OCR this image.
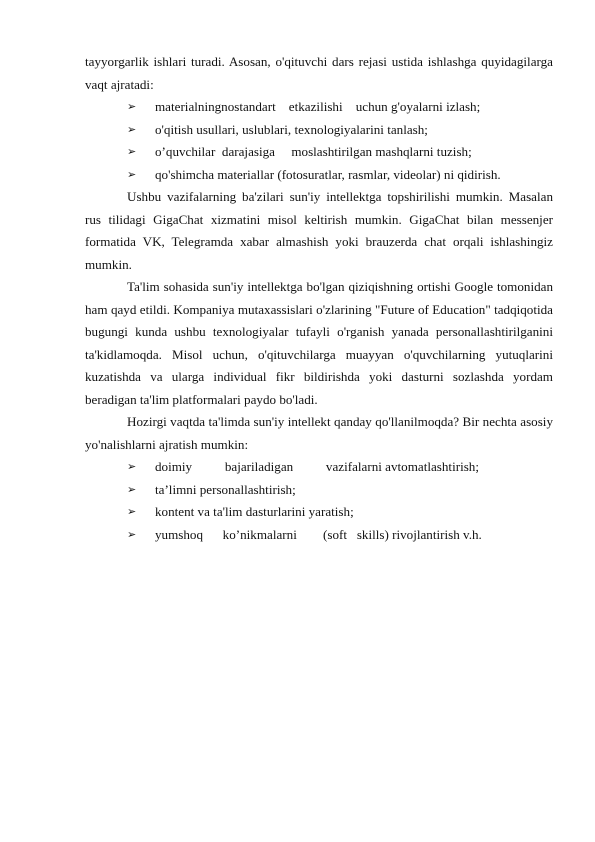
tayyorgarlik ishlari turadi. Asosan, o'qituvchi dars rejasi ustida ishlashga quyidagilarga vaqt ajratadi:

➢	materialningnostandart    etkazilishi    uchun g'oyalarni izlash;
➢	o'qitish usullari, uslublari, texnologiyalarini tanlash;
➢	o’quvchilar  darajasiga     moslashtirilgan mashqlarni tuzish;
➢	qo'shimcha materiallar (fotosuratlar, rasmlar, videolar) ni qidirish.

Ushbu vazifalarning ba'zilari sun'iy intellektga topshirilishi mumkin. Masalan rus tilidagi GigaChat xizmatini misol keltirish mumkin. GigaChat bilan messenjer formatida VK, Telegramda xabar almashish yoki brauzerda chat orqali ishlashingiz mumkin.

Ta'lim sohasida sun'iy intellektga bo'lgan qiziqishning ortishi Google tomonidan ham qayd etildi. Kompaniya mutaxassislari o'zlarining "Future of Education" tadqiqotida bugungi kunda ushbu texnologiyalar tufayli o'rganish yanada personallashtirilganini ta'kidlamoqda. Misol uchun, o'qituvchilarga muayyan o'quvchilarning yutuqlarini kuzatishda va ularga individual fikr bildirishda yoki dasturni sozlashda yordam beradigan ta'lim platformalari paydo bo'ladi.

Hozirgi vaqtda ta'limda sun'iy intellekt qanday qo'llanilmoqda? Bir nechta asosiy yo'nalishlarni ajratish mumkin:

➢	doimiy          bajariladigan          vazifalarni avtomatlashtirish;
➢	ta’limni personallashtirish;
➢	kontent va ta'lim dasturlarini yaratish;
➢	yumshoq      ko’nikmalarni        (soft   skills) rivojlantirish v.h.
